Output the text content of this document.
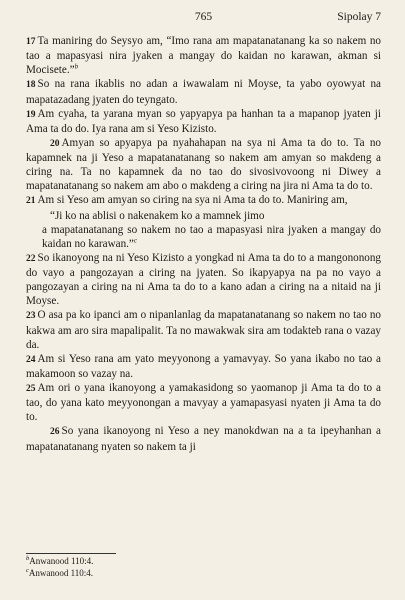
765	Sipolay 7

17 Ta maniring do Seysyo am, “Imo rana am mapatanatanang ka so nakem no tao a mapasyasi nira jyaken a mangay do kaidan no karawan, akman si Mocisete.”$^b$

18 So na rana ikablis no adan a iwawalam ni Moyse, ta yabo oyowyat na mapatazadang jyaten do teyngato.

19 Am cyaha, ta yarana myan so yapyapya pa hanhan ta a mapanop jyaten ji Ama ta do do. Iya rana am si Yeso Kizisto.

20 Amyan so apyapya pa nyahahapan na sya ni Ama ta do to. Ta no kapamnek na ji Yeso a mapatanatanang so nakem am amyan so makdeng a ciring na. Ta no kapamnek da no tao do sivosivovoong ni Diwey a mapatanatanang so nakem am abo o makdeng a ciring na jira ni Ama ta do to.

21 Am si Yeso am amyan so ciring na sya ni Ama ta do to. Maniring am,

“Ji ko na ablisi o nakenakem ko a mamnek jimo

a mapatanatanang so nakem no tao a mapasyasi nira jyaken a mangay do kaidan no karawan.”$^c$

22 So ikanoyong na ni Yeso Kizisto a yongkad ni Ama ta do to a mangononong do vayo a pangozayan a ciring na jyaten. So ikapyapya na pa no vayo a pangozayan a ciring na ni Ama ta do to a kano adan a ciring na a nitaid na ji Moyse.

23 O asa pa ko ipanci am o nipanlanlag da mapatanatanang so nakem no tao no kakwa am aro sira mapalipalit. Ta no mawakwak sira am todakteb rana o vazay da.

24 Am si Yeso rana am yato meyyonong a yamavyay. So yana ikabo no tao a makamoon so vazay na.

25 Am ori o yana ikanoyong a yamakasidong so yaomanop ji Ama ta do to a tao, do yana kato meyyonongan a mavyay a yamapasyasi nyaten ji Ama ta do to.

26 So yana ikanoyong ni Yeso a ney manokdwan na a ta ipeyhanhan a mapatanatanang nyaten so nakem ta ji

$^b$Anwanood 110:4.
$^c$Anwanood 110:4.
